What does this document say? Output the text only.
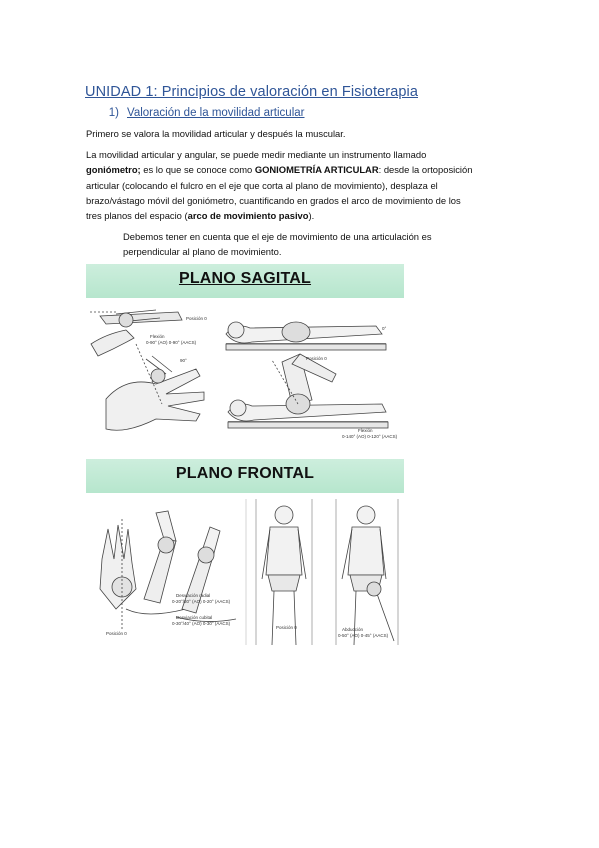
UNIDAD 1: Principios de valoración en Fisioterapia
1) Valoración de la movilidad articular
Primero se valora la movilidad articular y después la muscular.
La movilidad articular y angular, se puede medir mediante un instrumento llamado
goniómetro; es lo que se conoce como GONIOMETRÍA ARTICULAR: desde la ortoposición
articular (colocando el fulcro en el eje que corta al plano de movimiento), desplaza el
brazo/vástago móvil del goniómetro, cuantificando en grados el arco de movimiento de los
tres planos del espacio (arco de movimiento pasivo).
Debemos tener en cuenta que el eje de movimiento de una articulación es
perpendicular al plano de movimiento.
PLANO SAGITAL
Posición 0
Flexión
0-90° (AO) 0-90° (AACS)
Posición 0
Flexión
0-140° (AO) 0-120° (AACS)
90°
0°
PLANO FRONTAL
Posición 0
Desviación radial
0-20°/30° (AO) 0-20° (AACS)
Desviación cubital
0-30°/40° (AO) 0-30° (AACS)
Posición 0	Abducción
0-50° (AO) 0-45° (AACS)
